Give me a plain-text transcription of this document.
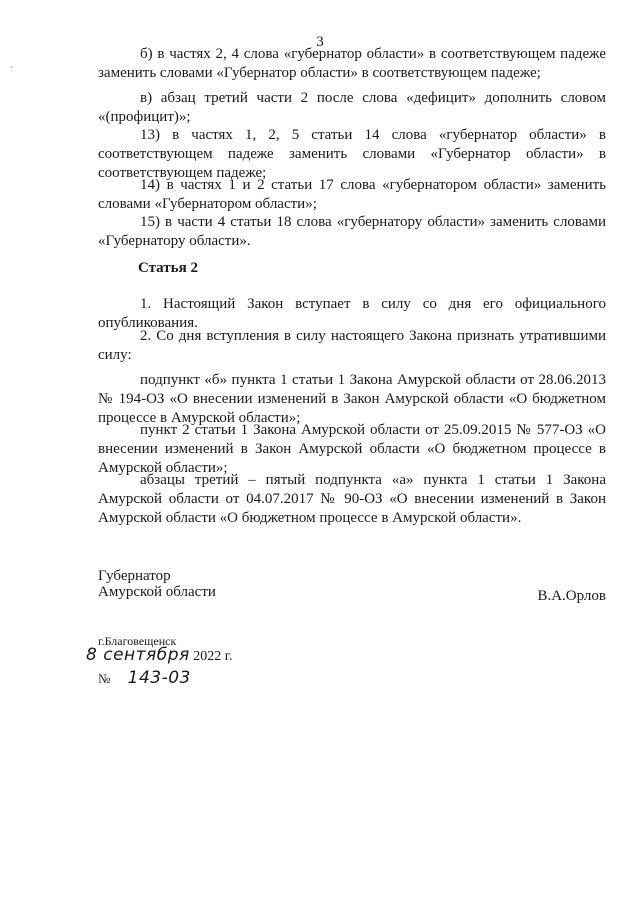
3
ˋ
б) в частях 2, 4 слова «губернатор области» в соответствующем падеже заменить словами «Губернатор области» в соответствующем падеже;
в) абзац третий части 2 после слова «дефицит» дополнить словом «(профицит)»;
13) в частях 1, 2, 5 статьи 14 слова «губернатор области» в соответствующем падеже заменить словами «Губернатор области» в соответствующем падеже;
14) в частях 1 и 2 статьи 17 слова «губернатором области» заменить словами «Губернатором области»;
15) в части 4 статьи 18 слова «губернатору области» заменить словами «Губернатору области».
Статья 2
1. Настоящий Закон вступает в силу со дня его официального опубликования.
2. Со дня вступления в силу настоящего Закона признать утратившими силу:
подпункт «б» пункта 1 статьи 1 Закона Амурской области от 28.06.2013 № 194-ОЗ «О внесении изменений в Закон Амурской области «О бюджетном процессе в Амурской области»;
пункт 2 статьи 1 Закона Амурской области от 25.09.2015 № 577-ОЗ «О внесении изменений в Закон Амурской области «О бюджетном процессе в Амурской области»;
абзацы третий – пятый подпункта «а» пункта 1 статьи 1 Закона Амурской области от 04.07.2017 № 90-ОЗ «О внесении изменений в Закон Амурской области «О бюджетном процессе в Амурской области».
Губернатор
Амурской области	В.А.Орлов
г.Благовещенск
8 сентября 2022 г.
№ 143-03
